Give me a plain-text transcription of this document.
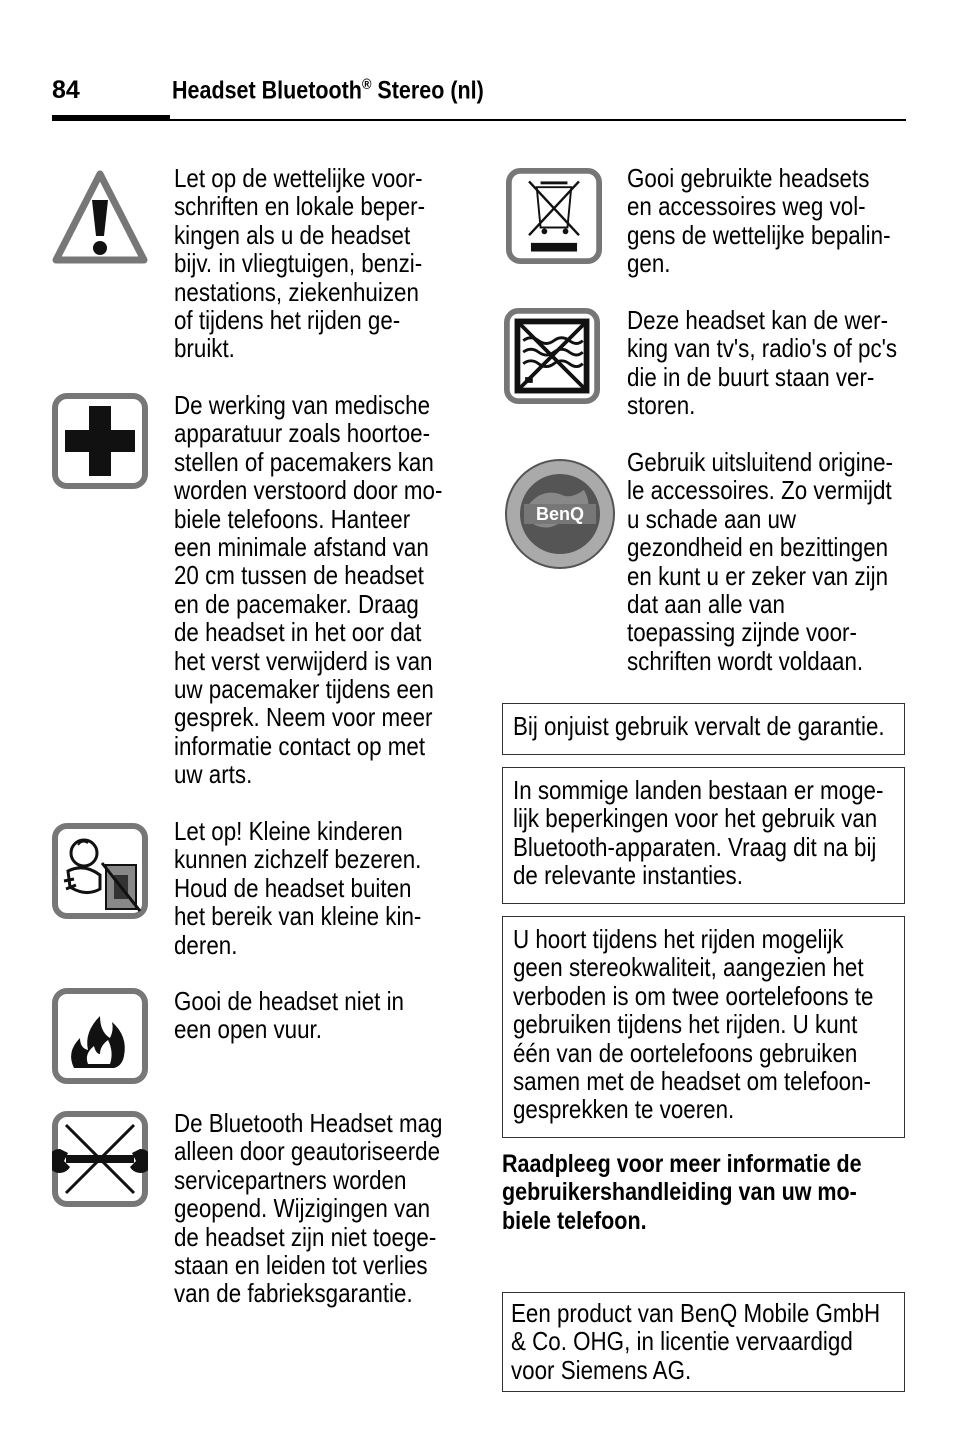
84	Headset Bluetooth® Stereo (nl)
Let op de wettelijke voor-
schriften en lokale beper-
kingen als u de headset
bijv. in vliegtuigen, benzi-
nestations, ziekenhuizen
of tijdens het rijden ge-
bruikt.
De werking van medische
apparatuur zoals hoortoe-
stellen of pacemakers kan
worden verstoord door mo-
biele telefoons. Hanteer
een minimale afstand van
20 cm tussen de headset
en de pacemaker. Draag
de headset in het oor dat
het verst verwijderd is van
uw pacemaker tijdens een
gesprek. Neem voor meer
informatie contact op met
uw arts.
Let op! Kleine kinderen
kunnen zichzelf bezeren.
Houd de headset buiten
het bereik van kleine kin-
deren.
Gooi de headset niet in
een open vuur.
De Bluetooth Headset mag
alleen door geautoriseerde
servicepartners worden
geopend. Wijzigingen van
de headset zijn niet toege-
staan en leiden tot verlies
van de fabrieksgarantie.
Gooi gebruikte headsets
en accessoires weg vol-
gens de wettelijke bepalin-
gen.
Deze headset kan de wer-
king van tv's, radio's of pc's
die in de buurt staan ver-
storen.
BenQ
Gebruik uitsluitend origine-
le accessoires. Zo vermijdt
u schade aan uw
gezondheid en bezittingen
en kunt u er zeker van zijn
dat aan alle van
toepassing zijnde voor-
schriften wordt voldaan.
Bij onjuist gebruik vervalt de garantie.
In sommige landen bestaan er moge-
lijk beperkingen voor het gebruik van
Bluetooth-apparaten. Vraag dit na bij
de relevante instanties.
U hoort tijdens het rijden mogelijk
geen stereokwaliteit, aangezien het
verboden is om twee oortelefoons te
gebruiken tijdens het rijden. U kunt
één van de oortelefoons gebruiken
samen met de headset om telefoon-
gesprekken te voeren.
Raadpleeg voor meer informatie de
gebruikershandleiding van uw mo-
biele telefoon.
Een product van BenQ Mobile GmbH
& Co. OHG, in licentie vervaardigd
voor Siemens AG.
